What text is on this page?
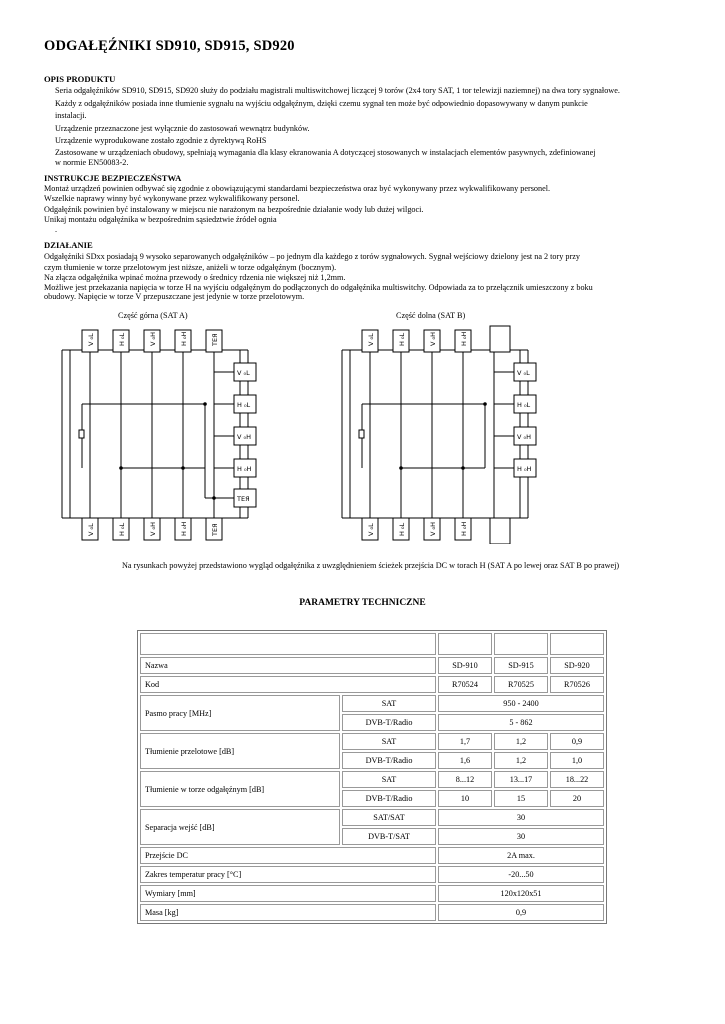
ODGAŁĘŹNIKI SD910, SD915, SD920
OPIS PRODUKTU
Seria odgałęźników SD910, SD915, SD920 służy do podziału magistrali multiswitchowej liczącej 9 torów (2x4 tory SAT, 1 tor telewizji naziemnej) na dwa tory sygnałowe.
Każdy z odgałęźników posiada inne tłumienie sygnału na wyjściu odgałęźnym, dzięki czemu sygnał ten może być odpowiednio dopasowywany w danym punkcie
instalacji.
Urządzenie przeznaczone jest wyłącznie do zastosowań wewnątrz budynków.
Urządzenie wyprodukowane zostało zgodnie z dyrektywą RoHS
Zastosowane w urządzeniach obudowy, spełniają wymagania dla klasy ekranowania A dotyczącej stosowanych w instalacjach elementów pasywnych, zdefiniowanej
w normie EN50083-2.
INSTRUKCJE BEZPIECZEŃSTWA
Montaż urządzeń powinien odbywać się zgodnie z obowiązującymi standardami bezpieczeństwa oraz być wykonywany przez wykwalifikowany personel.
Wszelkie naprawy winny być wykonywane przez wykwalifikowany personel.
Odgałęźnik powinien być instalowany w miejscu nie narażonym na bezpośrednie działanie wody lub dużej wilgoci.
Unikaj montażu odgałęźnika w bezpośrednim sąsiedztwie źródeł ognia
.
DZIAŁANIE
Odgałęźniki SDxx posiadają 9 wysoko separowanych odgałęźników – po jednym dla każdego z torów sygnałowych. Sygnał wejściowy dzielony jest na 2 tory przy
czym tłumienie w torze przelotowym jest niższe, aniżeli w torze odgałęźnym (bocznym).
Na złącza odgałęźnika wpinać można przewody o średnicy rdzenia nie większej niż 1,2mm.
Możliwe jest przekazania napięcia w torze H na wyjściu odgałęźnym do podłączonych do odgałęźnika multiswitchy. Odpowiada za to przełącznik umieszczony z boku
obudowy. Napięcie w torze V przepuszczane jest jedynie w torze przelotowym.
Część górna (SAT A)	Część dolna (SAT B)
V ₀L	H ₀L	V ₀H	H ₀H	ТЕЯ
V ₀L	H ₀L	V ₀H	H ₀H	ТЕЯ
V ₀L
H ₀L
V ₀H
H ₀H
ТЕЯ
V ₀L	H ₀L	V ₀H	H ₀H
V ₀L	H ₀L	V ₀H	H ₀H
V ₀L
H ₀L
V ₀H
H ₀H
Na rysunkach powyżej przedstawiono wygląd odgałęźnika z uwzględnieniem ścieżek przejścia DC w torach H (SAT A po lewej oraz SAT B po prawej)
PARAMETRY TECHNICZNE

Nazwa		SD-910	SD-915	SD-920
Kod		R70524	R70525	R70526
Pasmo pracy [MHz]	SAT	950 - 2400		
	DVB-T/Radio	5 - 862		
Tłumienie przelotowe [dB]	SAT	1,7	1,2	0,9
	DVB-T/Radio	1,6	1,2	1,0
Tłumienie w torze odgałęźnym [dB]	SAT	8...12	13...17	18...22
	DVB-T/Radio	10	15	20
Separacja wejść [dB]	SAT/SAT	30		
	DVB-T/SAT	30		
Przejście DC		2A max.		
Zakres temperatur pracy [°C]		-20...50		
Wymiary [mm]		120x120x51		
Masa [kg]		0,9		
